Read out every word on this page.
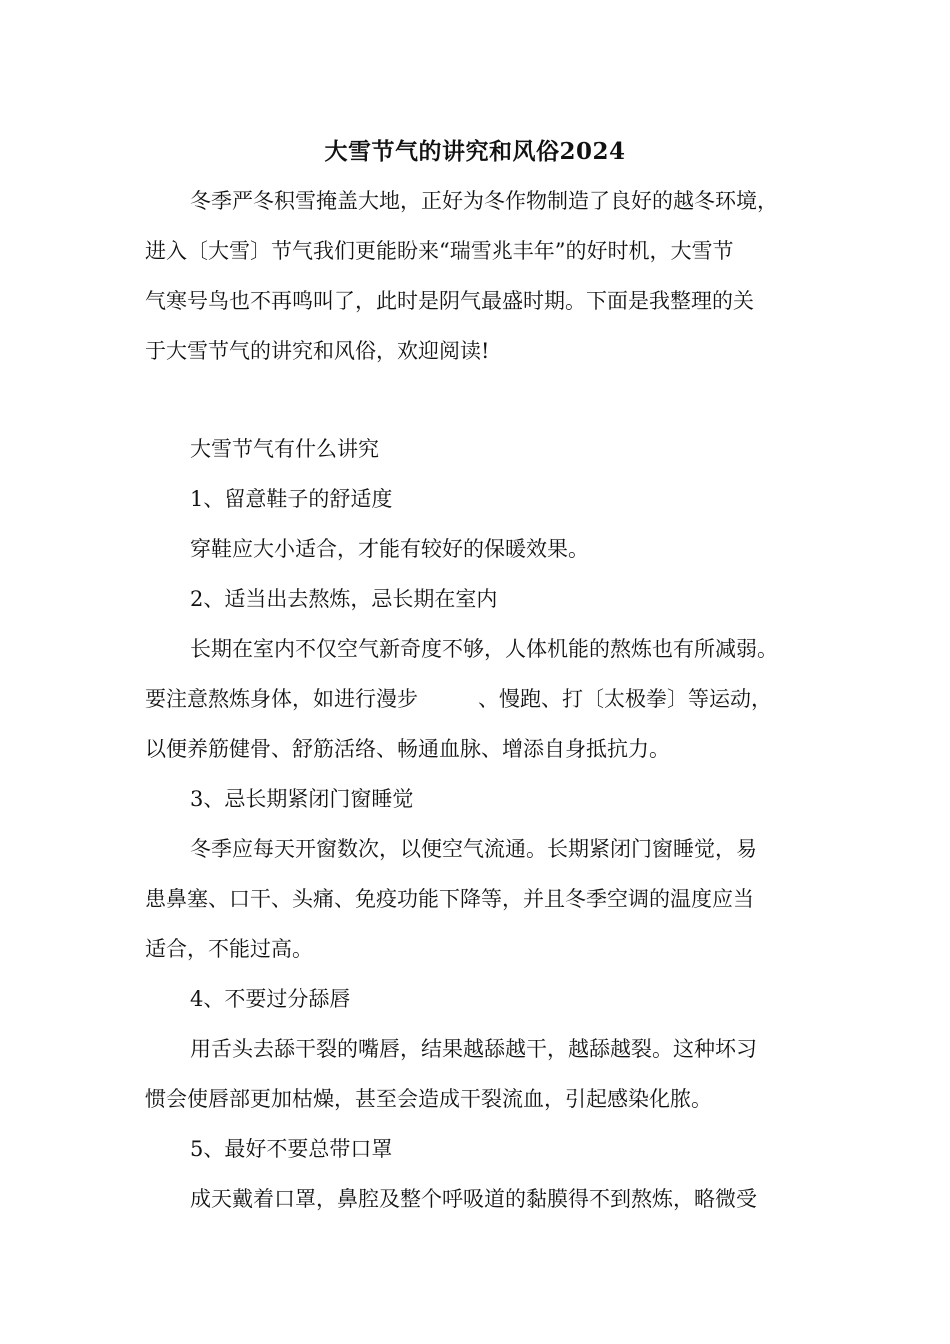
大雪节气的讲究和风俗2024
冬季严冬积雪掩盖大地，正好为冬作物制造了良好的越冬环境，
进入〔大雪〕节气我们更能盼来“瑞雪兆丰年”的好时机，大雪节
气寒号鸟也不再鸣叫了，此时是阴气最盛时期。下面是我整理的关
于大雪节气的讲究和风俗，欢迎阅读!
大雪节气有什么讲究
1、留意鞋子的舒适度
穿鞋应大小适合，才能有较好的保暖效果。
2、适当出去熬炼，忌长期在室内
长期在室内不仅空气新奇度不够，人体机能的熬炼也有所减弱。
要注意熬炼身体，如进行漫步	、慢跑、打〔太极拳〕等运动，
以便养筋健骨、舒筋活络、畅通血脉、增添自身抵抗力。
3、忌长期紧闭门窗睡觉
冬季应每天开窗数次，以便空气流通。长期紧闭门窗睡觉，易
患鼻塞、口干、头痛、免疫功能下降等，并且冬季空调的温度应当
适合，不能过高。
4、不要过分舔唇
用舌头去舔干裂的嘴唇，结果越舔越干，越舔越裂。这种坏习
惯会使唇部更加枯燥，甚至会造成干裂流血，引起感染化脓。
5、最好不要总带口罩
成天戴着口罩，鼻腔及整个呼吸道的黏膜得不到熬炼，略微受
